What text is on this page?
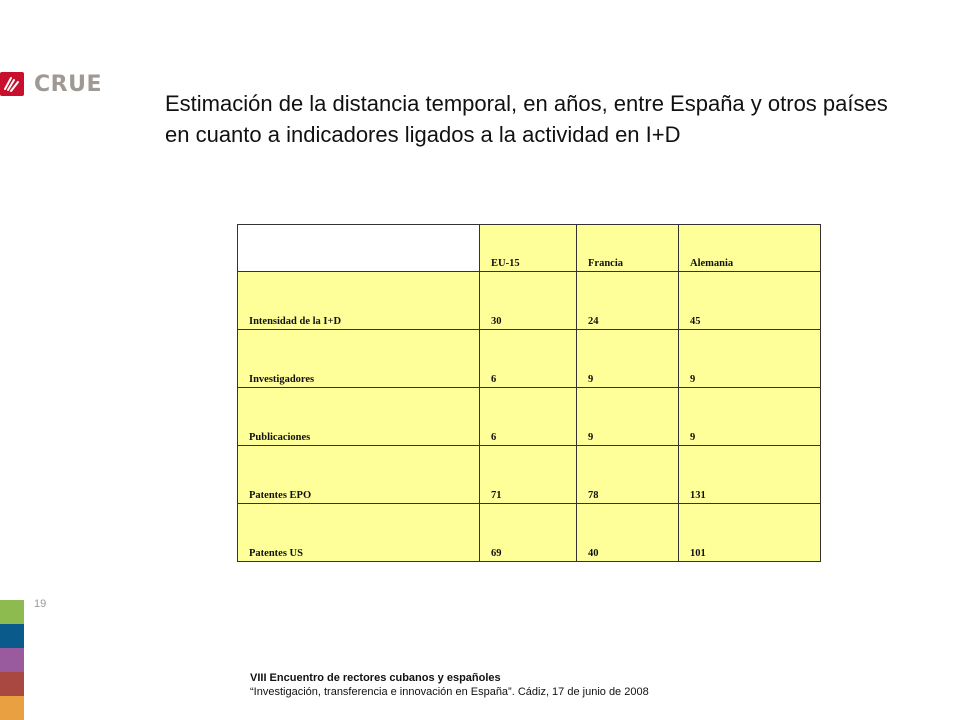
CRUE
Estimación de la distancia temporal, en años, entre España y otros países en cuanto a indicadores ligados a la actividad en I+D
	EU-15	Francia	Alemania
Intensidad de la I+D	30	24	45
Investigadores	6	9	9
Publicaciones	6	9	9
Patentes EPO	71	78	131
Patentes US	69	40	101
19
VIII Encuentro de rectores cubanos y españoles
“Investigación, transferencia e innovación en España”. Cádiz, 17 de junio de 2008
